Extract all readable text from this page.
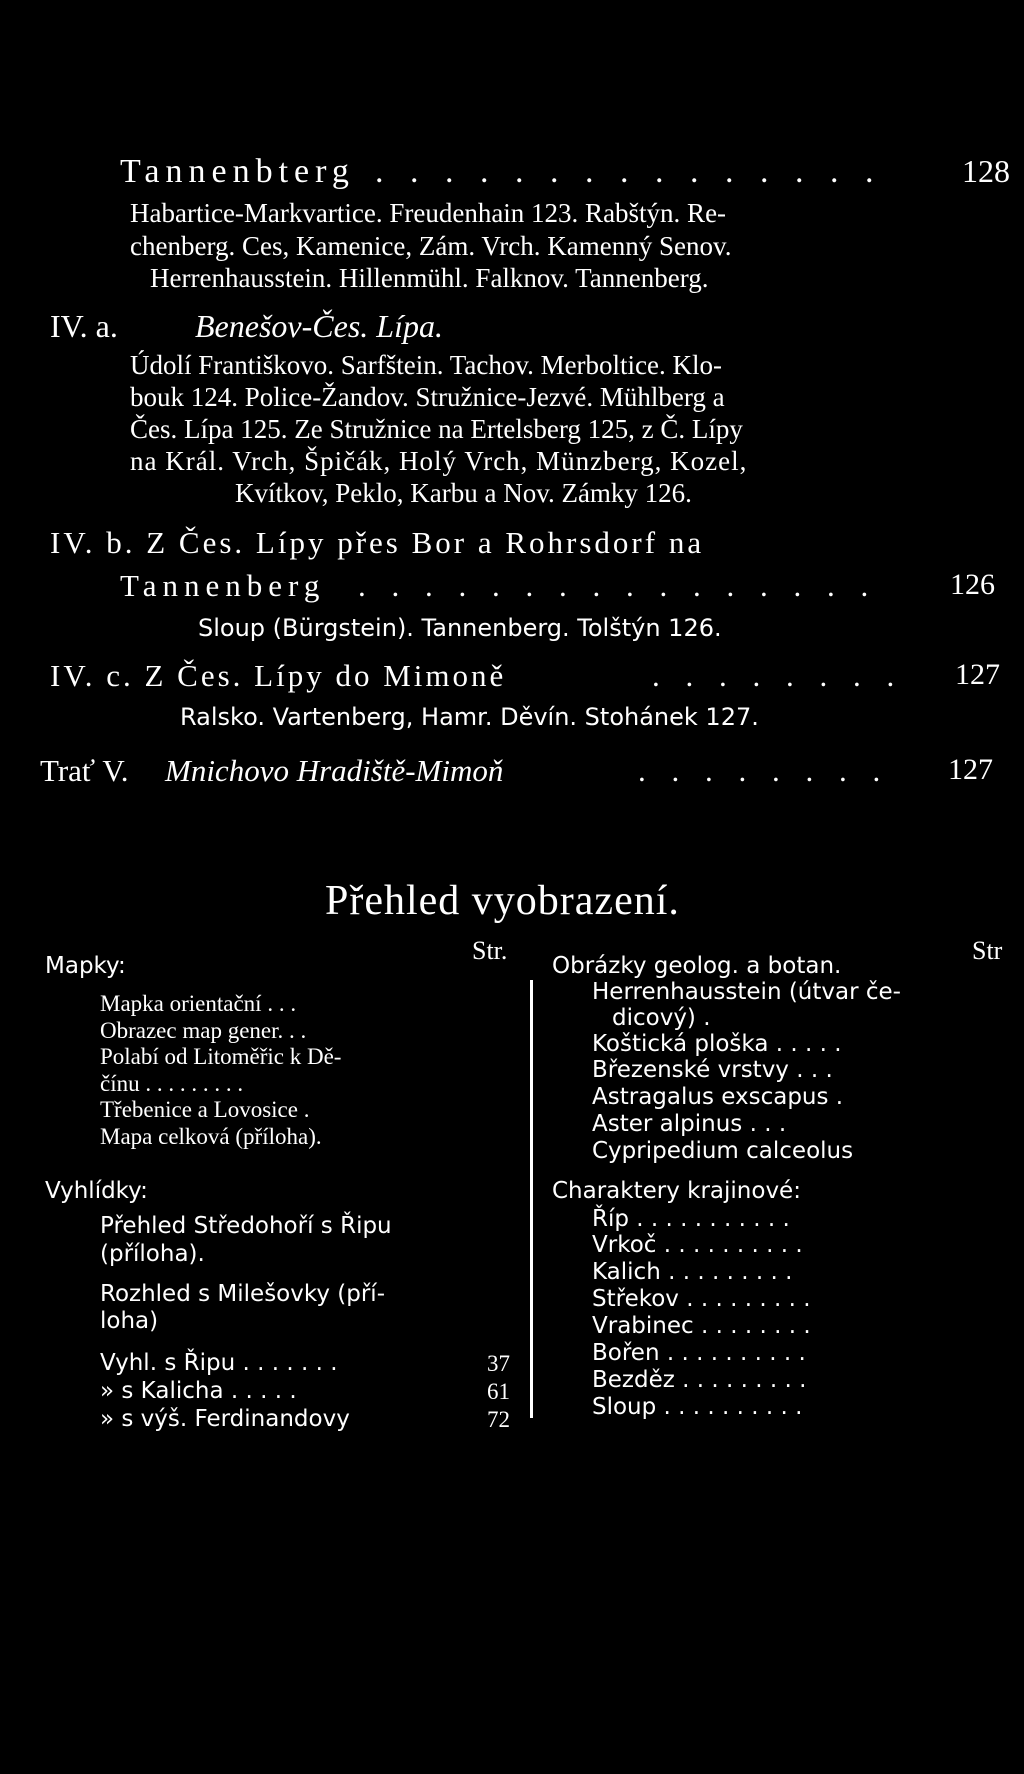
Tannenbterg . . . . . . . . . . . . . . . 128
Habartice-Markvartice. Freudenhain 123. Rabštýn. Re-
chenberg. Ces, Kamenice, Zám. Vrch. Kamenný Senov.
Herrenhausstein. Hillenmühl. Falknov. Tannenberg.
IV. a. Benešov-Čes. Lípa.
Údolí Františkovo. Sarfštein. Tachov. Merboltice. Klo-
bouk 124. Police-Žandov. Stružnice-Jezvé. Mühlberg a
Čes. Lípa 125. Ze Stružnice na Ertelsberg 125, z Č. Lípy
na Král. Vrch, Špičák, Holý Vrch, Münzberg, Kozel,
Kvítkov, Peklo, Karbu a Nov. Zámky 126.
IV. b. Z Čes. Lípy přes Bor a Rohrsdorf na
Tannenberg . . . . . . . . . . . . . . . . 126
Sloup (Bürgstein). Tannenberg. Tolštýn 126.
IV. c. Z Čes. Lípy do Mimoně	. . . . . . . . 127
Ralsko. Vartenberg, Hamr. Děvín. Stohánek 127.
Trať V. Mnichovo Hradiště-Mimoň	. . . . . . . . 127
Přehled vyobrazení.
Str.	Str
Mapky:
Mapka orientační . . .
Obrazec map gener. . .
Polabí od Litoměřic k Dě-
čínu . . . . . . . . .
Třebenice a Lovosice .
Mapa celková (příloha).
Vyhlídky:
Přehled Středohoří s Řipu
(příloha).
Rozhled s Milešovky (pří-
loha)
Vyhl. s Řipu . . . . . . .	37
» s Kalicha . . . . .	61
» s výš. Ferdinandovy	72
Obrázky geolog. a botan.
Herrenhausstein (útvar če-
dicový) .
Koštická ploška . . . . .
Březenské vrstvy . . .
Astragalus exscapus .
Aster alpinus . . .
Cypripedium calceolus
Charaktery krajinové:
Říp . . . . . . . . . . .
Vrkoč . . . . . . . . . .
Kalich . . . . . . . . .
Střekov . . . . . . . . .
Vrabinec . . . . . . . .
Bořen . . . . . . . . . .
Bezděz . . . . . . . . .
Sloup . . . . . . . . . .
